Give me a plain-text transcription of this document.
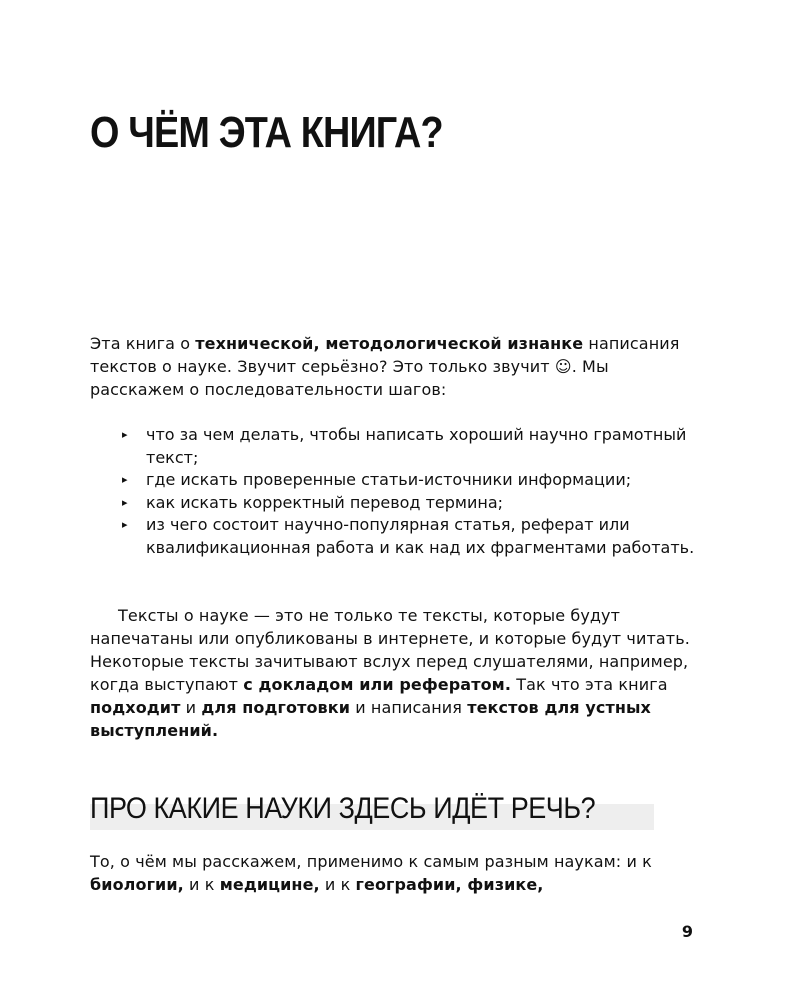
О ЧЁМ ЭТА КНИГА?

Эта книга о технической, методологической изнанке написания текстов о науке. Звучит серьёзно? Это только звучит ☺. Мы расскажем о последовательности шагов:

▸ что за чем делать, чтобы написать хороший научно грамотный текст;
▸ где искать проверенные статьи-источники информации;
▸ как искать корректный перевод термина;
▸ из чего состоит научно-популярная статья, реферат или квалификационная работа и как над их фрагментами работать.

Тексты о науке — это не только те тексты, которые будут напечатаны или опубликованы в интернете, и которые будут читать. Некоторые тексты зачитывают вслух перед слушателями, например, когда выступают с докладом или рефератом. Так что эта книга подходит и для подготовки и написания текстов для устных выступлений.

ПРО КАКИЕ НАУКИ ЗДЕСЬ ИДЁТ РЕЧЬ?

То, о чём мы расскажем, применимо к самым разным наукам: и к биологии, и к медицине, и к географии, физике,

9
